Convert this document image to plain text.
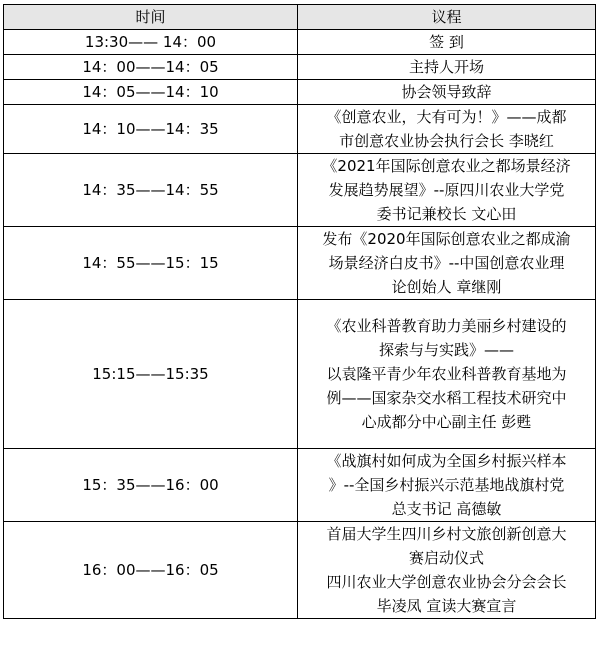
时间	议程
13:30—— 14：00	签 到

14：00——14：05	主持人开场

14：05——14：10	协会领导致辞

14：10——14：35	《创意农业，大有可为！》——成都
市创意农业协会执行会长 李晓红

14：35——14：55	《2021年国际创意农业之都场景经济
发展趋势展望》--原四川农业大学党
委书记兼校长 文心田

14：55——15：15	发布《2020年国际创意农业之都成渝
场景经济白皮书》--中国创意农业理
论创始人 章继刚

15:15——15:35	《农业科普教育助力美丽乡村建设的
探索与与实践》——
以袁隆平青少年农业科普教育基地为
例——国家杂交水稻工程技术研究中
心成都分中心副主任 彭甦

15：35——16：00	《战旗村如何成为全国乡村振兴样本
》--全国乡村振兴示范基地战旗村党
总支书记 高德敏

16：00——16：05	首届大学生四川乡村文旅创新创意大
赛启动仪式
四川农业大学创意农业协会分会会长
毕凌凤 宣读大赛宣言
